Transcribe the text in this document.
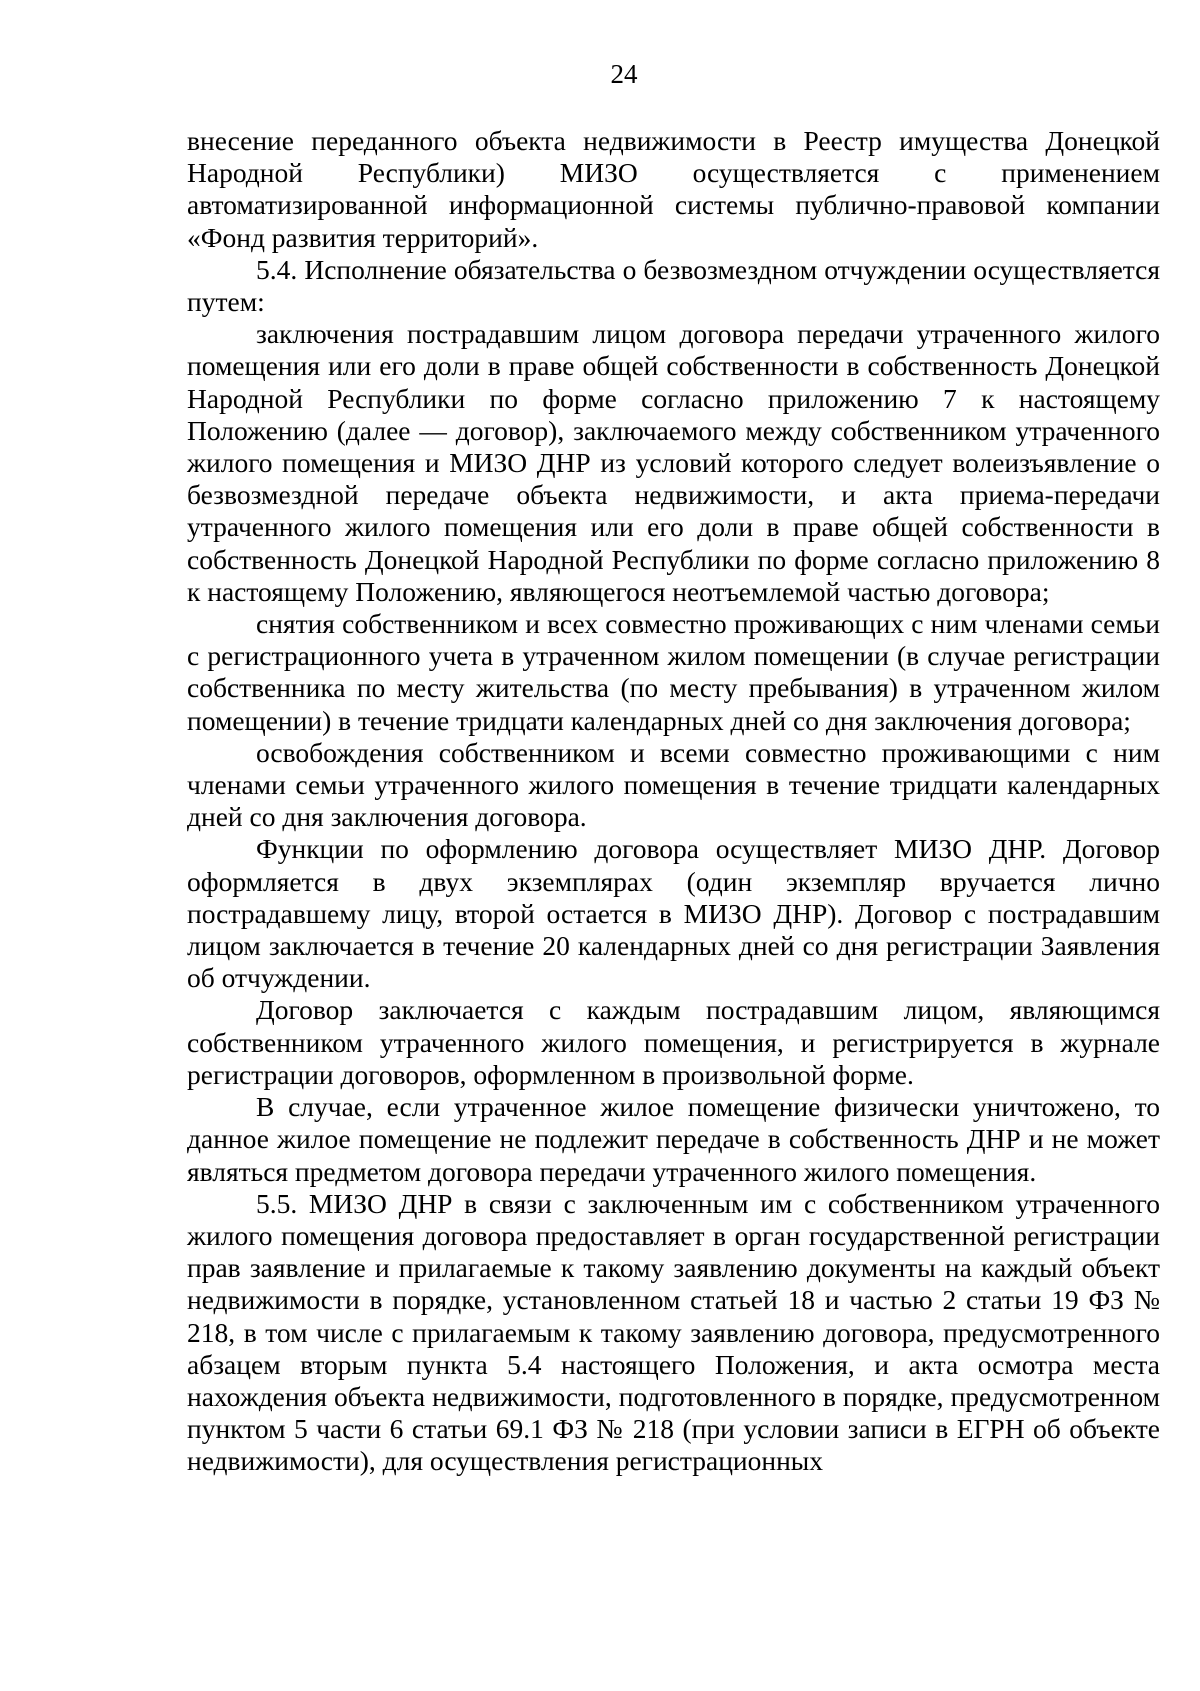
24

внесение переданного объекта недвижимости в Реестр имущества Донецкой Народной Республики) МИЗО осуществляется с применением автоматизированной информационной системы публично-правовой компании «Фонд развития территорий».

5.4. Исполнение обязательства о безвозмездном отчуждении осуществляется путем:

заключения пострадавшим лицом договора передачи утраченного жилого помещения или его доли в праве общей собственности в собственность Донецкой Народной Республики по форме согласно приложению 7 к настоящему Положению (далее — договор), заключаемого между собственником утраченного жилого помещения и МИЗО ДНР из условий которого следует волеизъявление о безвозмездной передаче объекта недвижимости, и акта приема-передачи утраченного жилого помещения или его доли в праве общей собственности в собственность Донецкой Народной Республики по форме согласно приложению 8 к настоящему Положению, являющегося неотъемлемой частью договора;

снятия собственником и всех совместно проживающих с ним членами семьи с регистрационного учета в утраченном жилом помещении (в случае регистрации собственника по месту жительства (по месту пребывания) в утраченном жилом помещении) в течение тридцати календарных дней со дня заключения договора;

освобождения собственником и всеми совместно проживающими с ним членами семьи утраченного жилого помещения в течение тридцати календарных дней со дня заключения договора.

Функции по оформлению договора осуществляет МИЗО ДНР. Договор оформляется в двух экземплярах (один экземпляр вручается лично пострадавшему лицу, второй остается в МИЗО ДНР). Договор с пострадавшим лицом заключается в течение 20 календарных дней со дня регистрации Заявления об отчуждении.

Договор заключается с каждым пострадавшим лицом, являющимся собственником утраченного жилого помещения, и регистрируется в журнале регистрации договоров, оформленном в произвольной форме.

В случае, если утраченное жилое помещение физически уничтожено, то данное жилое помещение не подлежит передаче в собственность ДНР и не может являться предметом договора передачи утраченного жилого помещения.

5.5. МИЗО ДНР в связи с заключенным им с собственником утраченного жилого помещения договора предоставляет в орган государственной регистрации прав заявление и прилагаемые к такому заявлению документы на каждый объект недвижимости в порядке, установленном статьей 18 и частью 2 статьи 19 ФЗ № 218, в том числе с прилагаемым к такому заявлению договора, предусмотренного абзацем вторым пункта 5.4 настоящего Положения, и акта осмотра места нахождения объекта недвижимости, подготовленного в порядке, предусмотренном пунктом 5 части 6 статьи 69.1 ФЗ № 218 (при условии записи в ЕГРН об объекте недвижимости), для осуществления регистрационных
